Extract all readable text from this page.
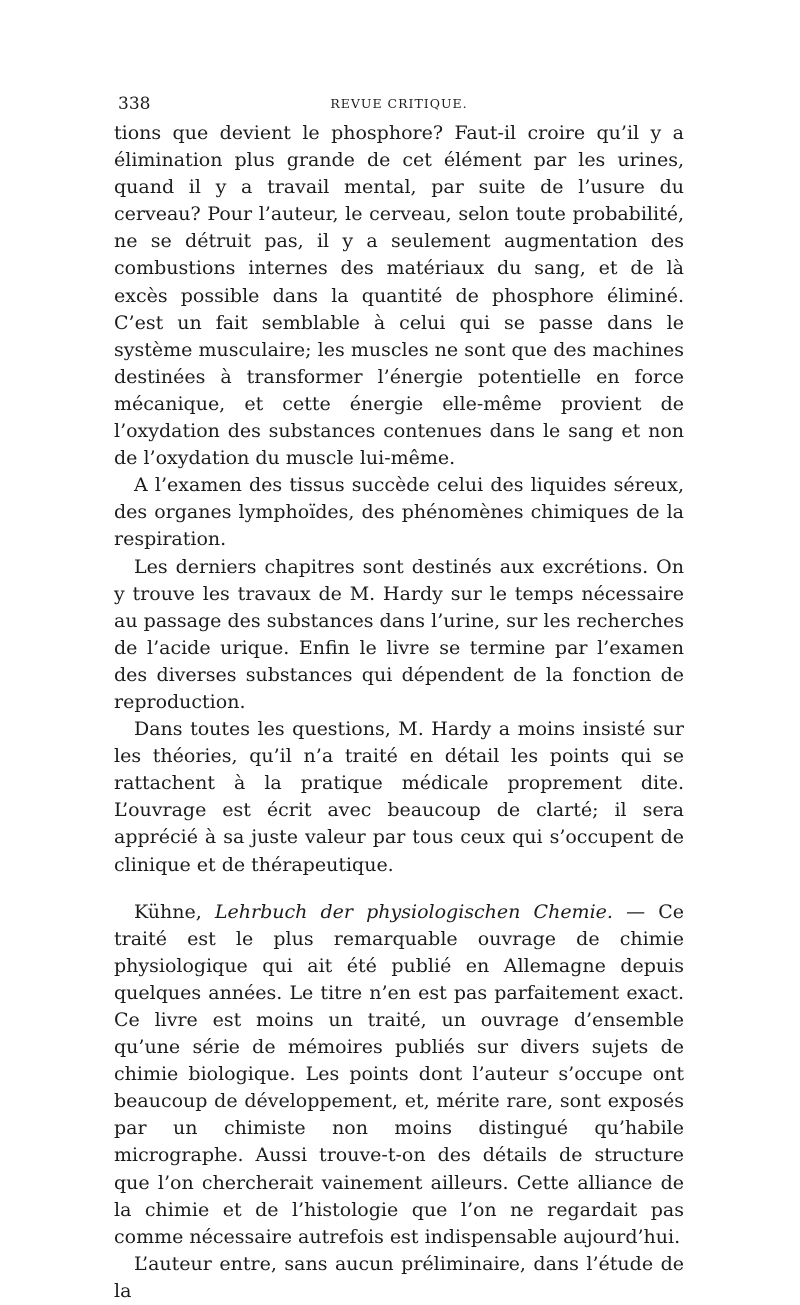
338	REVUE CRITIQUE.

tions que devient le phosphore? Faut-il croire qu’il y a élimination plus grande de cet élément par les urines, quand il y a travail mental, par suite de l’usure du cerveau? Pour l’auteur, le cerveau, selon toute probabilité, ne se détruit pas, il y a seulement augmentation des combustions internes des matériaux du sang, et de là excès possible dans la quantité de phosphore éliminé. C’est un fait semblable à celui qui se passe dans le système musculaire; les muscles ne sont que des machines destinées à transformer l’énergie potentielle en force mécanique, et cette énergie elle-même provient de l’oxydation des substances contenues dans le sang et non de l’oxydation du muscle lui-même.

A l’examen des tissus succède celui des liquides séreux, des organes lymphoïdes, des phénomènes chimiques de la respiration.

Les derniers chapitres sont destinés aux excrétions. On y trouve les travaux de M. Hardy sur le temps nécessaire au passage des substances dans l’urine, sur les recherches de l’acide urique. Enfin le livre se termine par l’examen des diverses substances qui dépendent de la fonction de reproduction.

Dans toutes les questions, M. Hardy a moins insisté sur les théories, qu’il n’a traité en détail les points qui se rattachent à la pratique médicale proprement dite. L’ouvrage est écrit avec beaucoup de clarté; il sera apprécié à sa juste valeur par tous ceux qui s’occupent de clinique et de thérapeutique.

Kühne, Lehrbuch der physiologischen Chemie. — Ce traité est le plus remarquable ouvrage de chimie physiologique qui ait été publié en Allemagne depuis quelques années. Le titre n’en est pas parfaitement exact. Ce livre est moins un traité, un ouvrage d’ensemble qu’une série de mémoires publiés sur divers sujets de chimie biologique. Les points dont l’auteur s’occupe ont beaucoup de développement, et, mérite rare, sont exposés par un chimiste non moins distingué qu’habile micrographe. Aussi trouve-t-on des détails de structure que l’on chercherait vainement ailleurs. Cette alliance de la chimie et de l’histologie que l’on ne regardait pas comme nécessaire autrefois est indispensable aujourd’hui.

L’auteur entre, sans aucun préliminaire, dans l’étude de la
